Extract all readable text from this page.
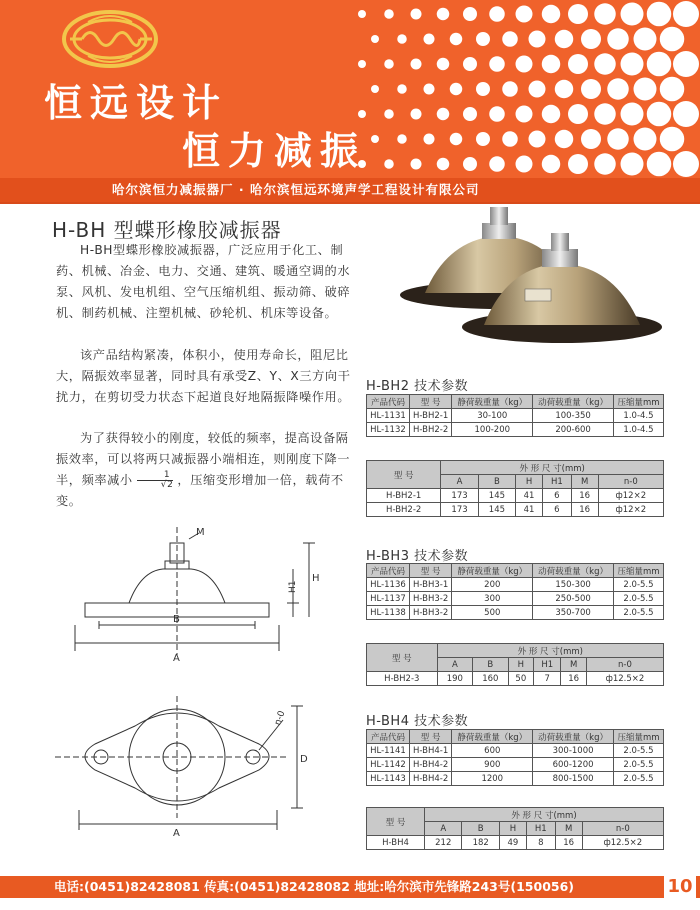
恒远设计
恒力减振
哈尔滨恒力减振器厂 · 哈尔滨恒远环境声学工程设计有限公司
H-BH 型蝶形橡胶减振器

H-BH型蝶形橡胶减振器，广泛应用于化工、制药、机械、冶金、电力、交通、建筑、暖通空调的水泵、风机、发电机组、空气压缩机组、振动筛、破碎机、制药机械、注塑机械、砂轮机、机床等设备。

该产品结构紧凑，体积小，使用寿命长，阻尼比大，隔振效率显著，同时具有承受Z、Y、X三方向干扰力，在剪切受力状态下起道良好地隔振降噪作用。

为了获得较小的刚度，较低的频率，提高设备隔振效率，可以将两只减振器小端相连，则刚度下降一半，频率减小 $\frac{1}{√2}$ ，压缩变形增加一倍，载荷不变。

M
H1
H
B
A
n-0
D
A
H-BH2 技术参数
产品代码	型 号	静荷载重量（kg）	动荷载重量（kg）	压缩量mm
HL-1131	H-BH2-1	30-100	100-350	1.0-4.5
HL-1132	H-BH2-2	100-200	200-600	1.0-4.5
型 号	外 形 尺 寸(mm)					
	A	B	H	H1	M	n-0
H-BH2-1	173	145	41	6	16	ф12×2
H-BH2-2	173	145	41	6	16	ф12×2
H-BH3 技术参数
产品代码	型 号	静荷载重量（kg）	动荷载重量（kg）	压缩量mm
HL-1136	H-BH3-1	200	150-300	2.0-5.5
HL-1137	H-BH3-2	300	250-500	2.0-5.5
HL-1138	H-BH3-2	500	350-700	2.0-5.5
型 号	外 形 尺 寸(mm)					
	A	B	H	H1	M	n-0
H-BH2-3	190	160	50	7	16	ф12.5×2
H-BH4 技术参数
产品代码	型 号	静荷载重量（kg）	动荷载重量（kg）	压缩量mm
HL-1141	H-BH4-1	600	300-1000	2.0-5.5
HL-1142	H-BH4-2	900	600-1200	2.0-5.5
HL-1143	H-BH4-2	1200	800-1500	2.0-5.5
型 号	外 形 尺 寸(mm)					
	A	B	H	H1	M	n-0
H-BH4	212	182	49	8	16	ф12.5×2
电话:(0451)82428081 传真:(0451)82428082 地址:哈尔滨市先锋路243号(150056)	10
